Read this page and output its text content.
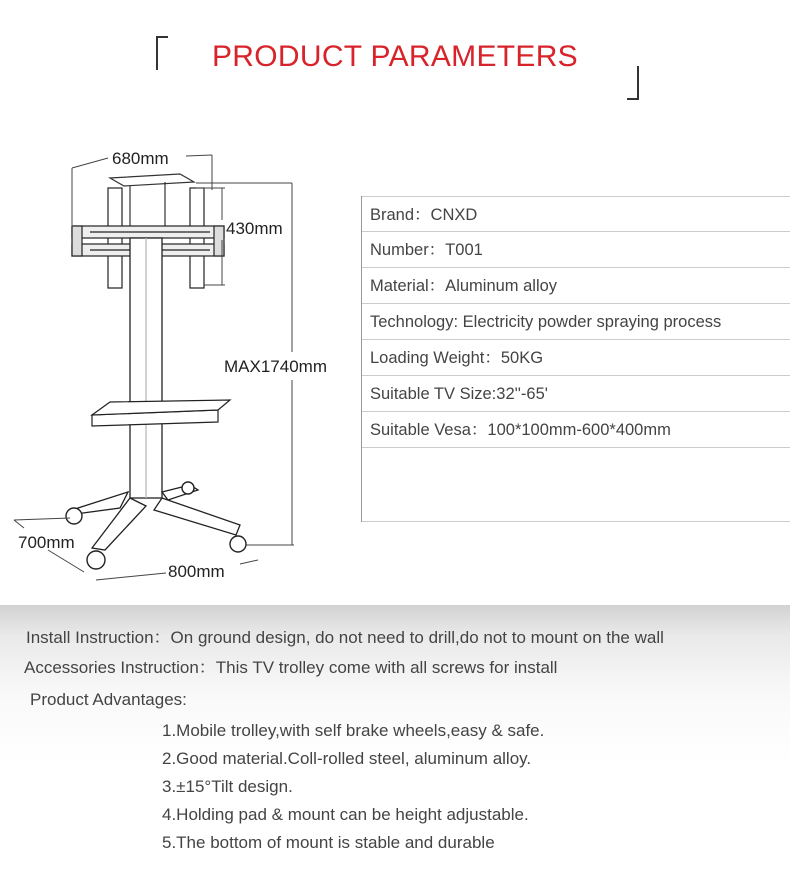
PRODUCT PARAMETERS
680mm
430mm
MAX1740mm
700mm
800mm
Brand：CNXD
Number：T001
Material：Aluminum alloy
Technology: Electricity powder spraying process
Loading Weight：50KG
Suitable TV Size:32''-65'
Suitable Vesa：100*100mm-600*400mm
Install Instruction：On ground design, do not need to drill,do not to mount on the wall
Accessories Instruction：This TV trolley come with all screws for install
Product Advantages:
1.Mobile trolley,with self brake wheels,easy & safe.
2.Good material.Coll-rolled steel, aluminum alloy.
3.±15°Tilt design.
4.Holding pad & mount can be height adjustable.
5.The bottom of mount is stable and durable
